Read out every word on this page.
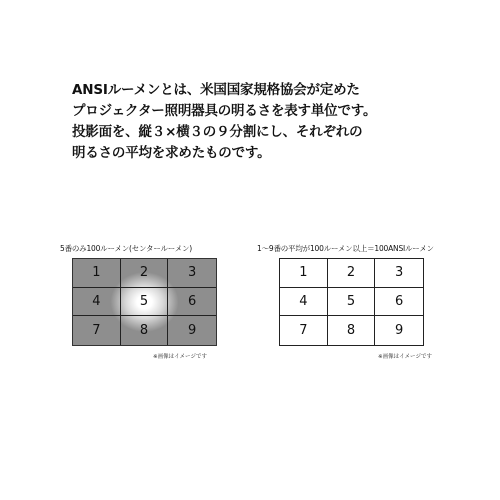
ANSIルーメンとは、米国国家規格協会が定めた
プロジェクター照明器具の明るさを表す単位です。
投影面を、縦３×横３の９分割にし、それぞれの
明るさの平均を求めたものです。
5番のみ100ルーメン(センタールーメン)
1	2	3
4	5	6
7	8	9
※画像はイメージです
1〜9番の平均が100ルーメン以上＝100ANSIルーメン
1	2	3
4	5	6
7	8	9
※画像はイメージです
